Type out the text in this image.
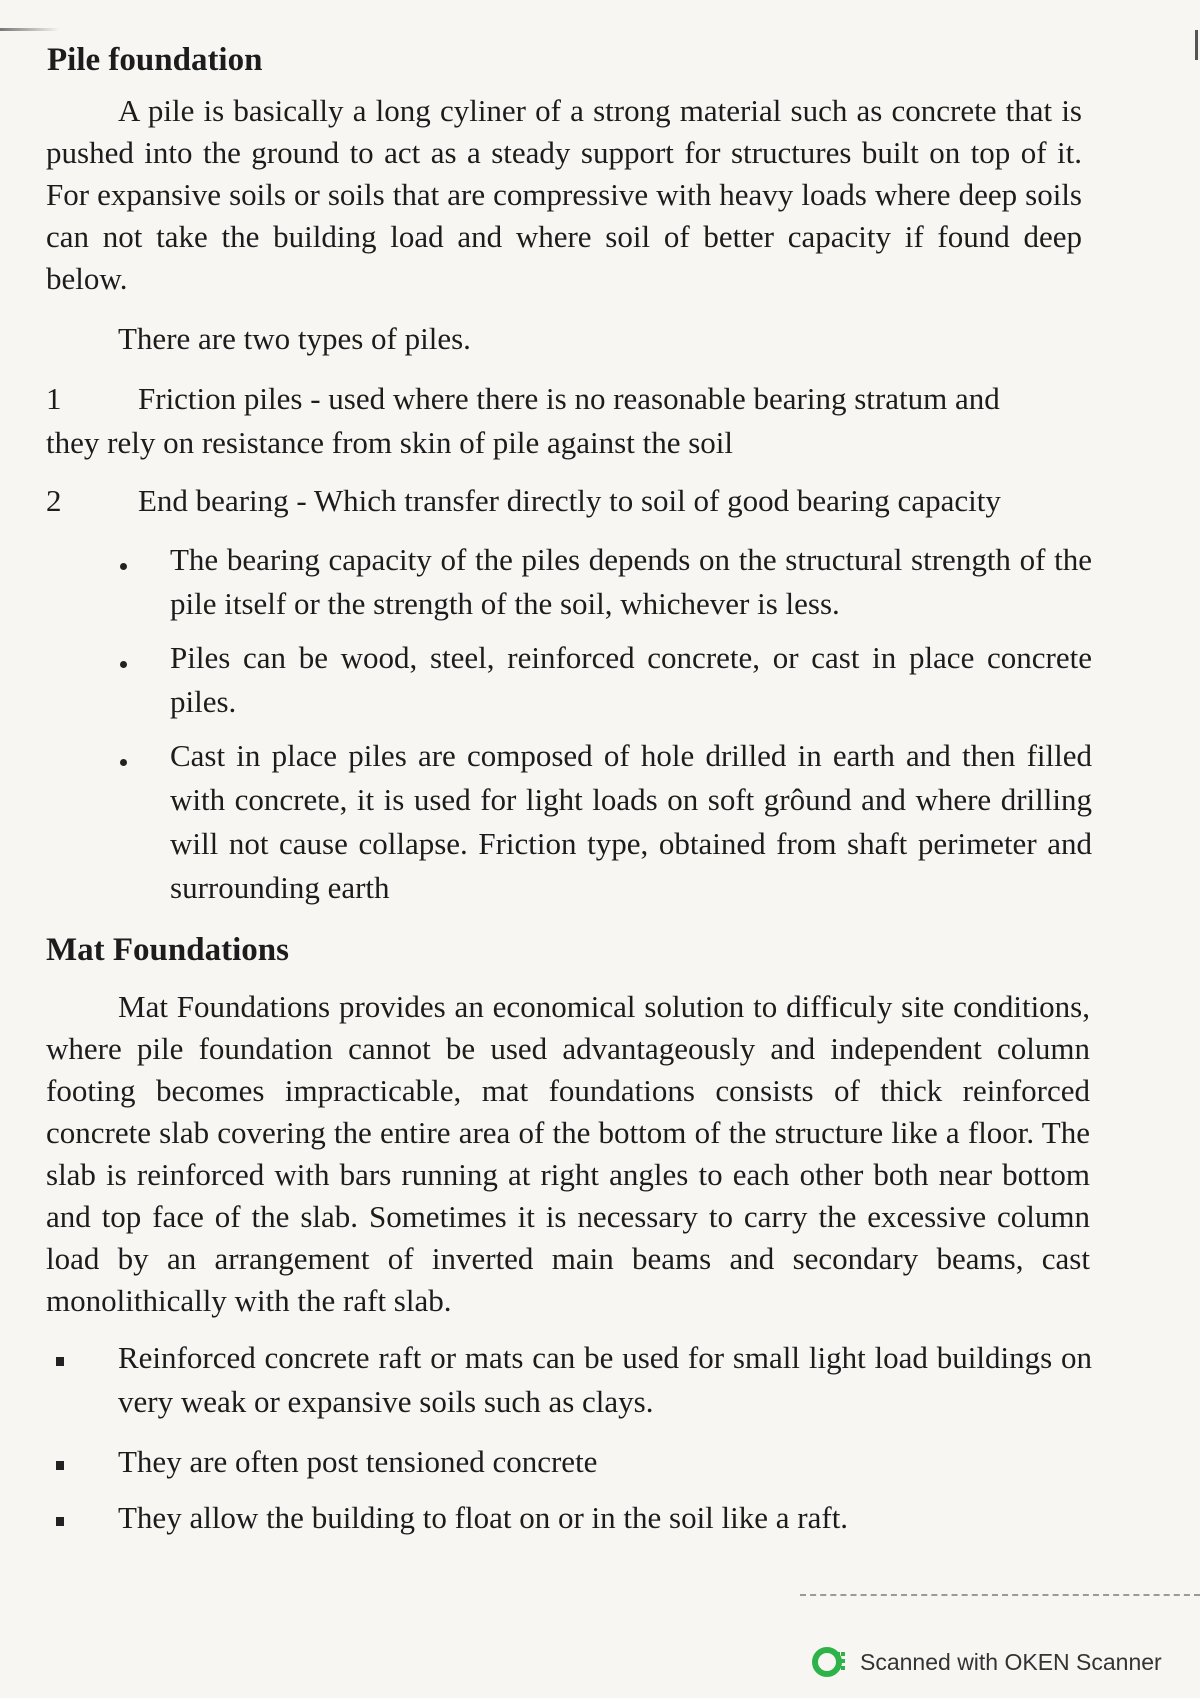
Pile foundation

A pile is basically a long cyliner of a strong material such as concrete that is pushed into the ground to act as a steady support for structures built on top of it. For expansive soils or soils that are compressive with heavy loads where deep soils can not take the building load and where soil of better capacity if found deep below.

There are two types of piles.

1 Friction piles - used where there is no reasonable bearing stratum and
they rely on resistance from skin of pile against the soil
2 End bearing - Which transfer directly to soil of good bearing capacity

The bearing capacity of the piles depends on the structural strength of the pile itself or the strength of the soil, whichever is less.

Piles can be wood, steel, reinforced concrete, or cast in place concrete piles.

Cast in place piles are composed of hole drilled in earth and then filled with concrete, it is used for light loads on soft grôund and where drilling will not cause collapse. Friction type, obtained from shaft perimeter and surrounding earth

Mat Foundations

Mat Foundations provides an economical solution to difficuly site conditions, where pile foundation cannot be used advantageously and independent column footing becomes impracticable, mat foundations consists of thick reinforced concrete slab covering the entire area of the bottom of the structure like a floor. The slab is reinforced with bars running at right angles to each other both near bottom and top face of the slab. Sometimes it is necessary to carry the excessive column load by an arrangement of inverted main beams and secondary beams, cast monolithically with the raft slab.

Reinforced concrete raft or mats can be used for small light load buildings on very weak or expansive soils such as clays.

They are often post tensioned concrete

They allow the building to float on or in the soil like a raft.

Scanned with OKEN Scanner
